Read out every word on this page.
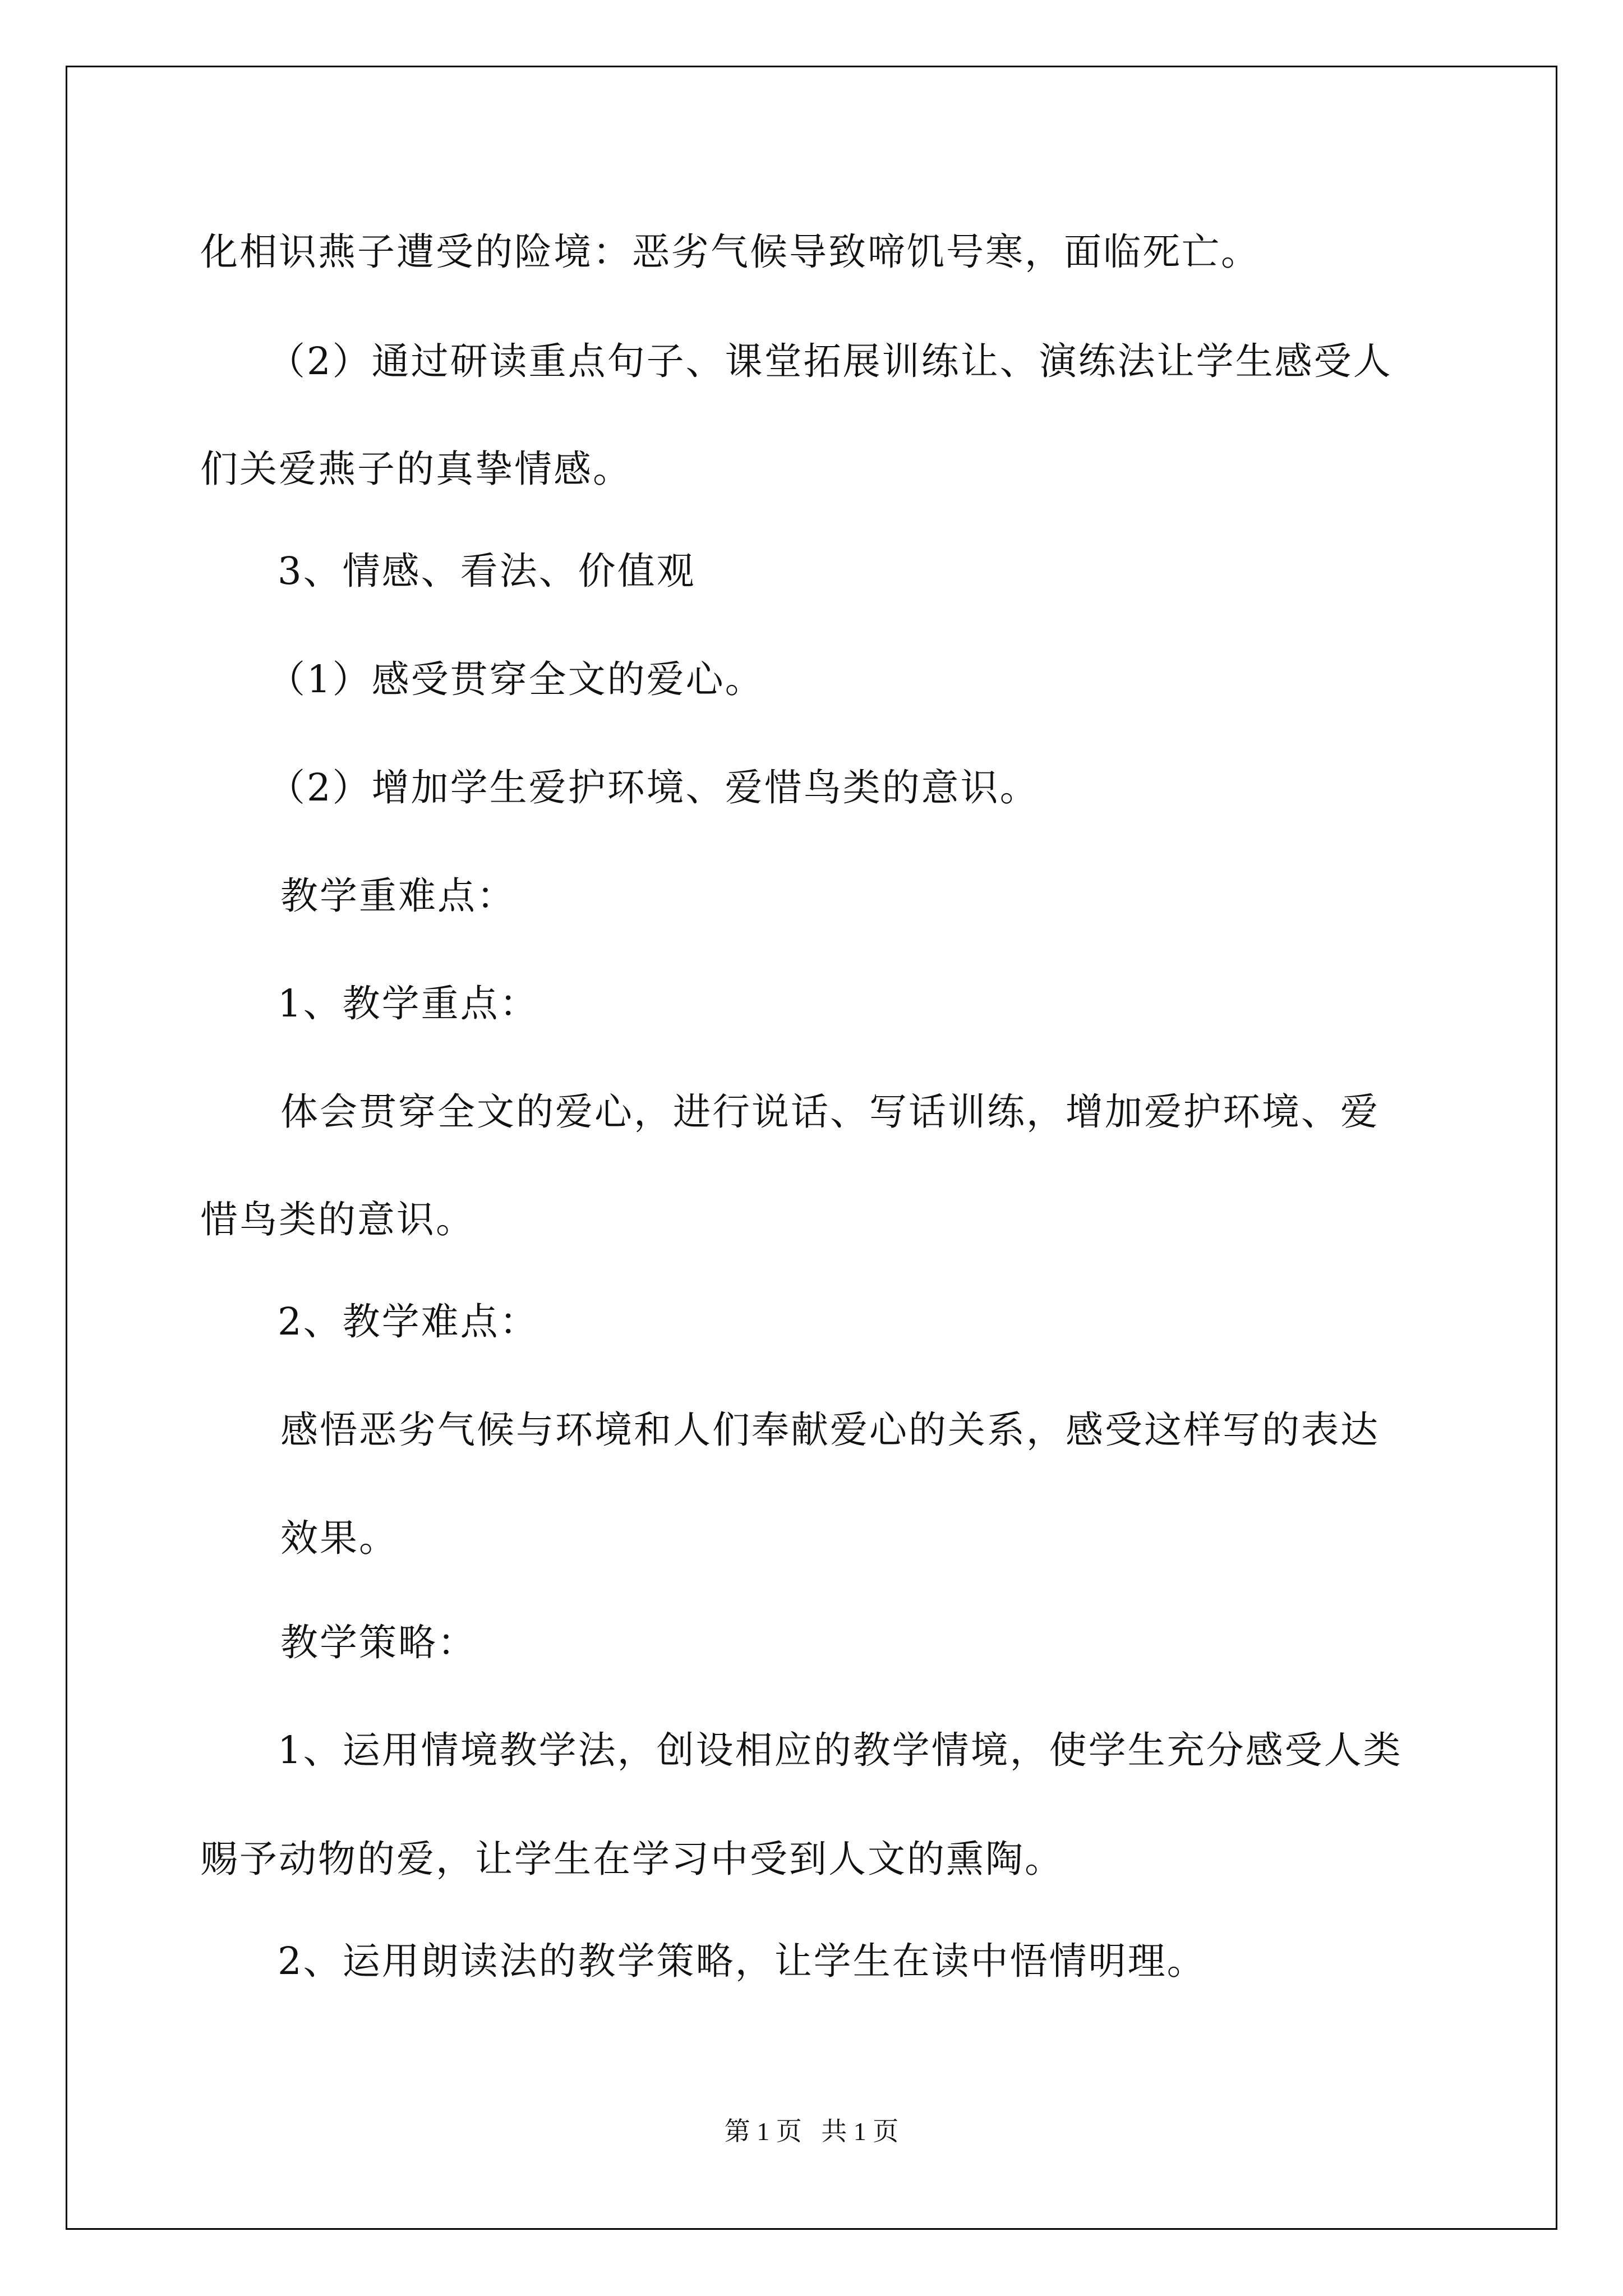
化相识燕子遭受的险境：恶劣气候导致啼饥号寒，面临死亡。
（2）通过研读重点句子、课堂拓展训练让、演练法让学生感受人
们关爱燕子的真挚情感。
3、情感、看法、价值观
（1）感受贯穿全文的爱心。
（2）增加学生爱护环境、爱惜鸟类的意识。
教学重难点：
1、教学重点：
体会贯穿全文的爱心，进行说话、写话训练，增加爱护环境、爱
惜鸟类的意识。
2、教学难点：
感悟恶劣气候与环境和人们奉献爱心的关系，感受这样写的表达
效果。
教学策略：
1、运用情境教学法，创设相应的教学情境，使学生充分感受人类
赐予动物的爱，让学生在学习中受到人文的熏陶。
2、运用朗读法的教学策略，让学生在读中悟情明理。
第 1 页   共 1 页
